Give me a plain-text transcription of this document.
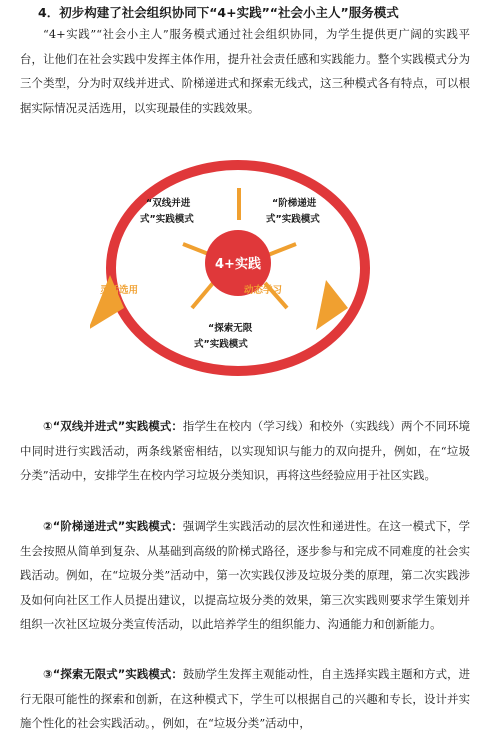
4．初步构建了社会组织协同下“4+实践”“社会小主人”服务模式

“4+实践”“社会小主人”服务模式通过社会组织协同，为学生提供更广阔的实践平台，让他们在社会实践中发挥主体作用，提升社会责任感和实践能力。整个实践模式分为三个类型，分为时双线并进式、阶梯递进式和探索无线式，这三种模式各有特点，可以根据实际情况灵活选用，以实现最佳的实践效果。

4+实践
“双线并进
式”实践模式
“阶梯递进
式”实践模式
“探索无限
式”实践模式
灵活选用	动态学习

①“双线并进式”实践模式：指学生在校内（学习线）和校外（实践线）两个不同环境中同时进行实践活动，两条线紧密相结，以实现知识与能力的双向提升，例如，在“垃圾分类”活动中，安排学生在校内学习垃圾分类知识，再将这些经验应用于社区实践。

②“阶梯递进式”实践模式：强调学生实践活动的层次性和递进性。在这一模式下，学生会按照从简单到复杂、从基础到高级的阶梯式路径，逐步参与和完成不同难度的社会实践活动。例如，在“垃圾分类”活动中，第一次实践仅涉及垃圾分类的原理，第二次实践涉及如何向社区工作人员提出建议，以提高垃圾分类的效果，第三次实践则要求学生策划并组织一次社区垃圾分类宣传活动，以此培养学生的组织能力、沟通能力和创新能力。

③“探索无限式”实践模式：鼓励学生发挥主观能动性，自主选择实践主题和方式，进行无限可能性的探索和创新，在这种模式下，学生可以根据自己的兴趣和专长，设计并实施个性化的社会实践活动。，例如，在“垃圾分类”活动中，
